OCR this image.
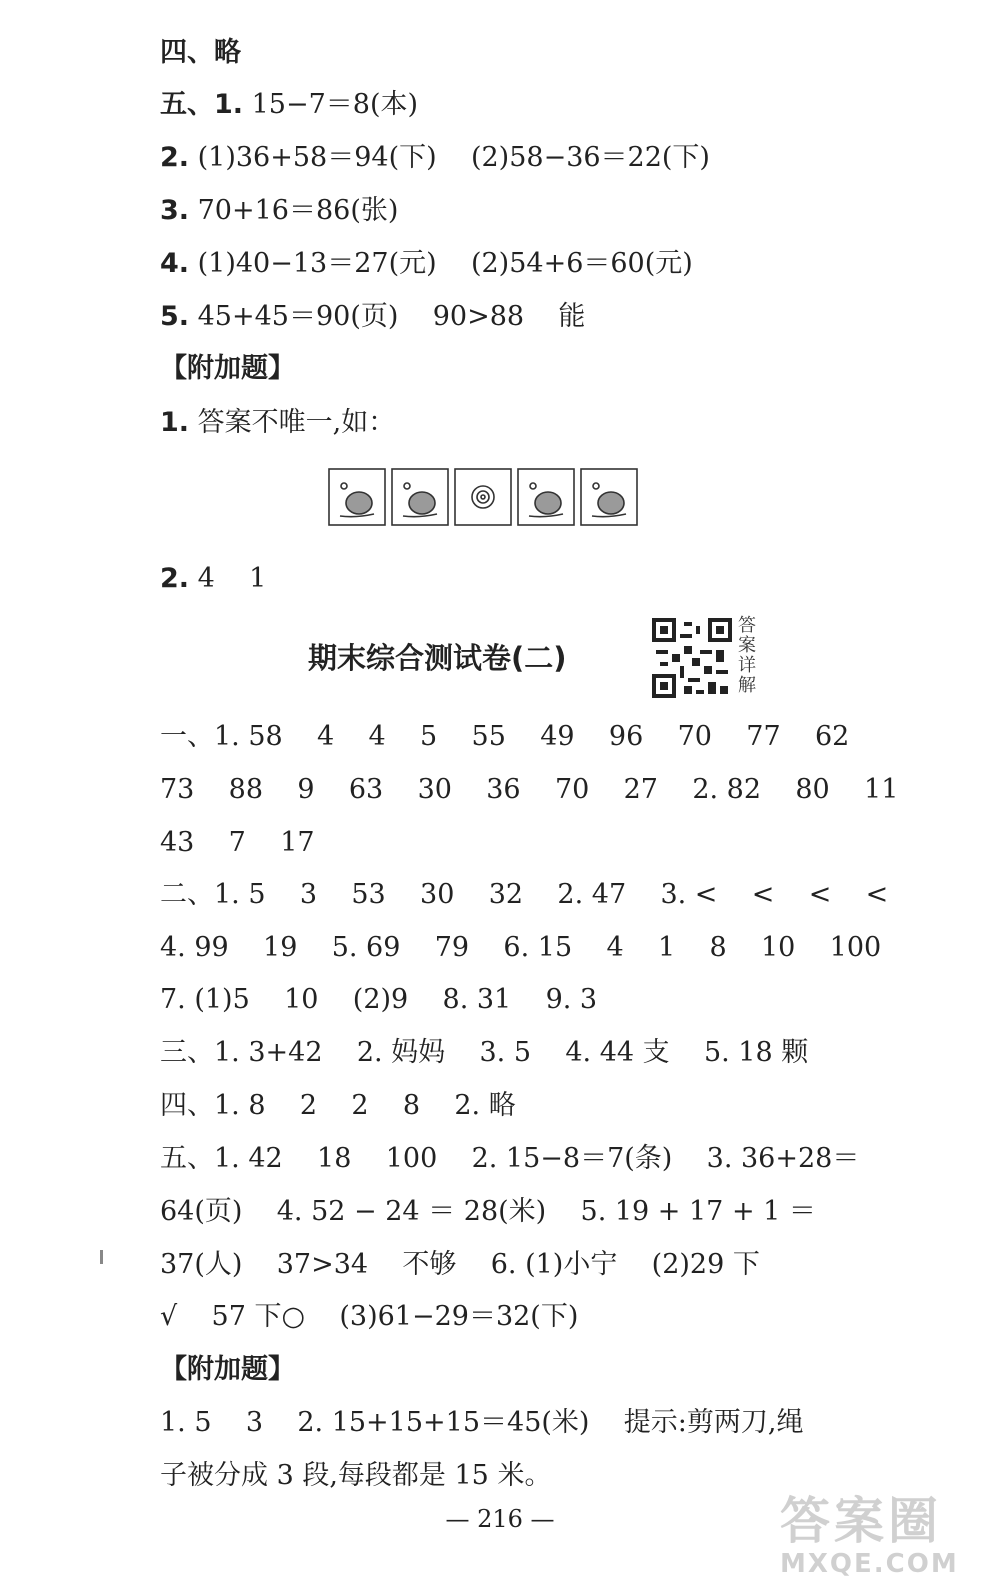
四、略
五、1. 15−7＝8(本)
2. (1)36+58＝94(下)    (2)58−36＝22(下)
3. 70+16＝86(张)
4. (1)40−13＝27(元)    (2)54+6＝60(元)
5. 45+45＝90(页)    90>88    能
【附加题】
1. 答案不唯一,如：
2. 4    1
期末综合测试卷(二)
答案详解
一、1. 58    4    4    5    55    49    96    70    77    62
73    88    9    63    30    36    70    27    2. 82    80    11
43    7    17
二、1. 5    3    53    30    32    2. 47    3. <    <    <    <
4. 99    19    5. 69    79    6. 15    4    1    8    10    100
7. (1)5    10    (2)9    8. 31    9. 3
三、1. 3+42    2. 妈妈    3. 5    4. 44 支    5. 18 颗
四、1. 8    2    2    8    2. 略
五、1. 42    18    100    2. 15−8＝7(条)    3. 36+28＝
64(页)    4. 52 − 24 ＝ 28(米)    5. 19 + 17 + 1 ＝
37(人)    37>34    不够    6. (1)小宁    (2)29 下
√    57 下○    (3)61−29＝32(下)
【附加题】
1. 5    3    2. 15+15+15＝45(米)    提示:剪两刀,绳
子被分成 3 段,每段都是 15 米。
— 216 —	答案圈
MXQE.COM
